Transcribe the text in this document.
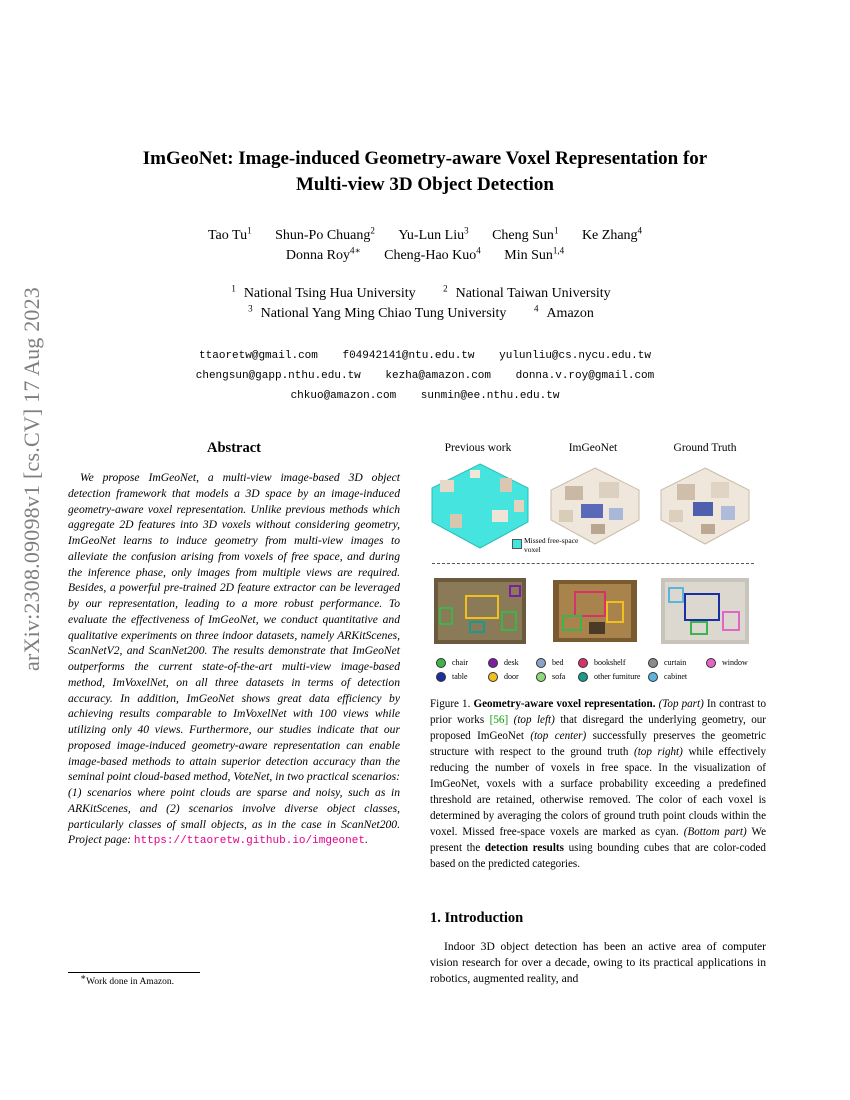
arXiv:2308.09098v1 [cs.CV] 17 Aug 2023
ImGeoNet: Image-induced Geometry-aware Voxel Representation for
Multi-view 3D Object Detection
Tao Tu$^1$ Shun-Po Chuang$^2$ Yu-Lun Liu$^3$ Cheng Sun$^1$ Ke Zhang$^4$
Donna Roy$^{4∗}$ Cheng-Hao Kuo$^4$ Min Sun$^{1,4}$
$^1$ National Tsing Hua University	$^2$ National Taiwan University
$^3$ National Yang Ming Chiao Tung University	$^4$ Amazon
ttaoretw@gmail.com f04942141@ntu.edu.tw yulunliu@cs.nycu.edu.tw
chengsun@gapp.nthu.edu.tw kezha@amazon.com donna.v.roy@gmail.com
chkuo@amazon.com sunmin@ee.nthu.edu.tw
Abstract
We propose ImGeoNet, a multi-view image-based 3D object detection framework that models a 3D space by an image-induced geometry-aware voxel representation. Unlike previous methods which aggregate 2D features into 3D voxels without considering geometry, ImGeoNet learns to induce geometry from multi-view images to alleviate the confusion arising from voxels of free space, and during the inference phase, only images from multiple views are required. Besides, a powerful pre-trained 2D feature extractor can be leveraged by our representation, leading to a more robust performance. To evaluate the effectiveness of ImGeoNet, we conduct quantitative and qualitative experiments on three indoor datasets, namely ARKitScenes, ScanNetV2, and ScanNet200. The results demonstrate that ImGeoNet outperforms the current state-of-the-art multi-view image-based method, ImVoxelNet, on all three datasets in terms of detection accuracy. In addition, ImGeoNet shows great data efficiency by achieving results comparable to ImVoxelNet with 100 views while utilizing only 40 views. Furthermore, our studies indicate that our proposed image-induced geometry-aware representation can enable image-based methods to attain superior detection accuracy than the seminal point cloud-based method, VoteNet, in two practical scenarios: (1) scenarios where point clouds are sparse and noisy, such as in ARKitScenes, and (2) scenarios involve diverse object classes, particularly classes of small objects, as in the case in ScanNet200. Project page: https://ttaoretw.github.io/imgeonet.
∗Work done in Amazon.
Previous work	ImGeoNet	Ground Truth
Missed free-space voxel
chair	desk	bed	bookshelf	curtain	window
table	door	sofa	other furniture	cabinet
Figure 1. Geometry-aware voxel representation. (Top part) In contrast to prior works [56] (top left) that disregard the underlying geometry, our proposed ImGeoNet (top center) successfully preserves the geometric structure with respect to the ground truth (top right) while effectively reducing the number of voxels in free space. In the visualization of ImGeoNet, voxels with a surface probability exceeding a predefined threshold are retained, otherwise removed. The color of each voxel is determined by averaging the colors of ground truth point clouds within the voxel. Missed free-space voxels are marked as cyan. (Bottom part) We present the detection results using bounding cubes that are color-coded based on the predicted categories.
1. Introduction
Indoor 3D object detection has been an active area of computer vision research for over a decade, owing to its practical applications in robotics, augmented reality, and
